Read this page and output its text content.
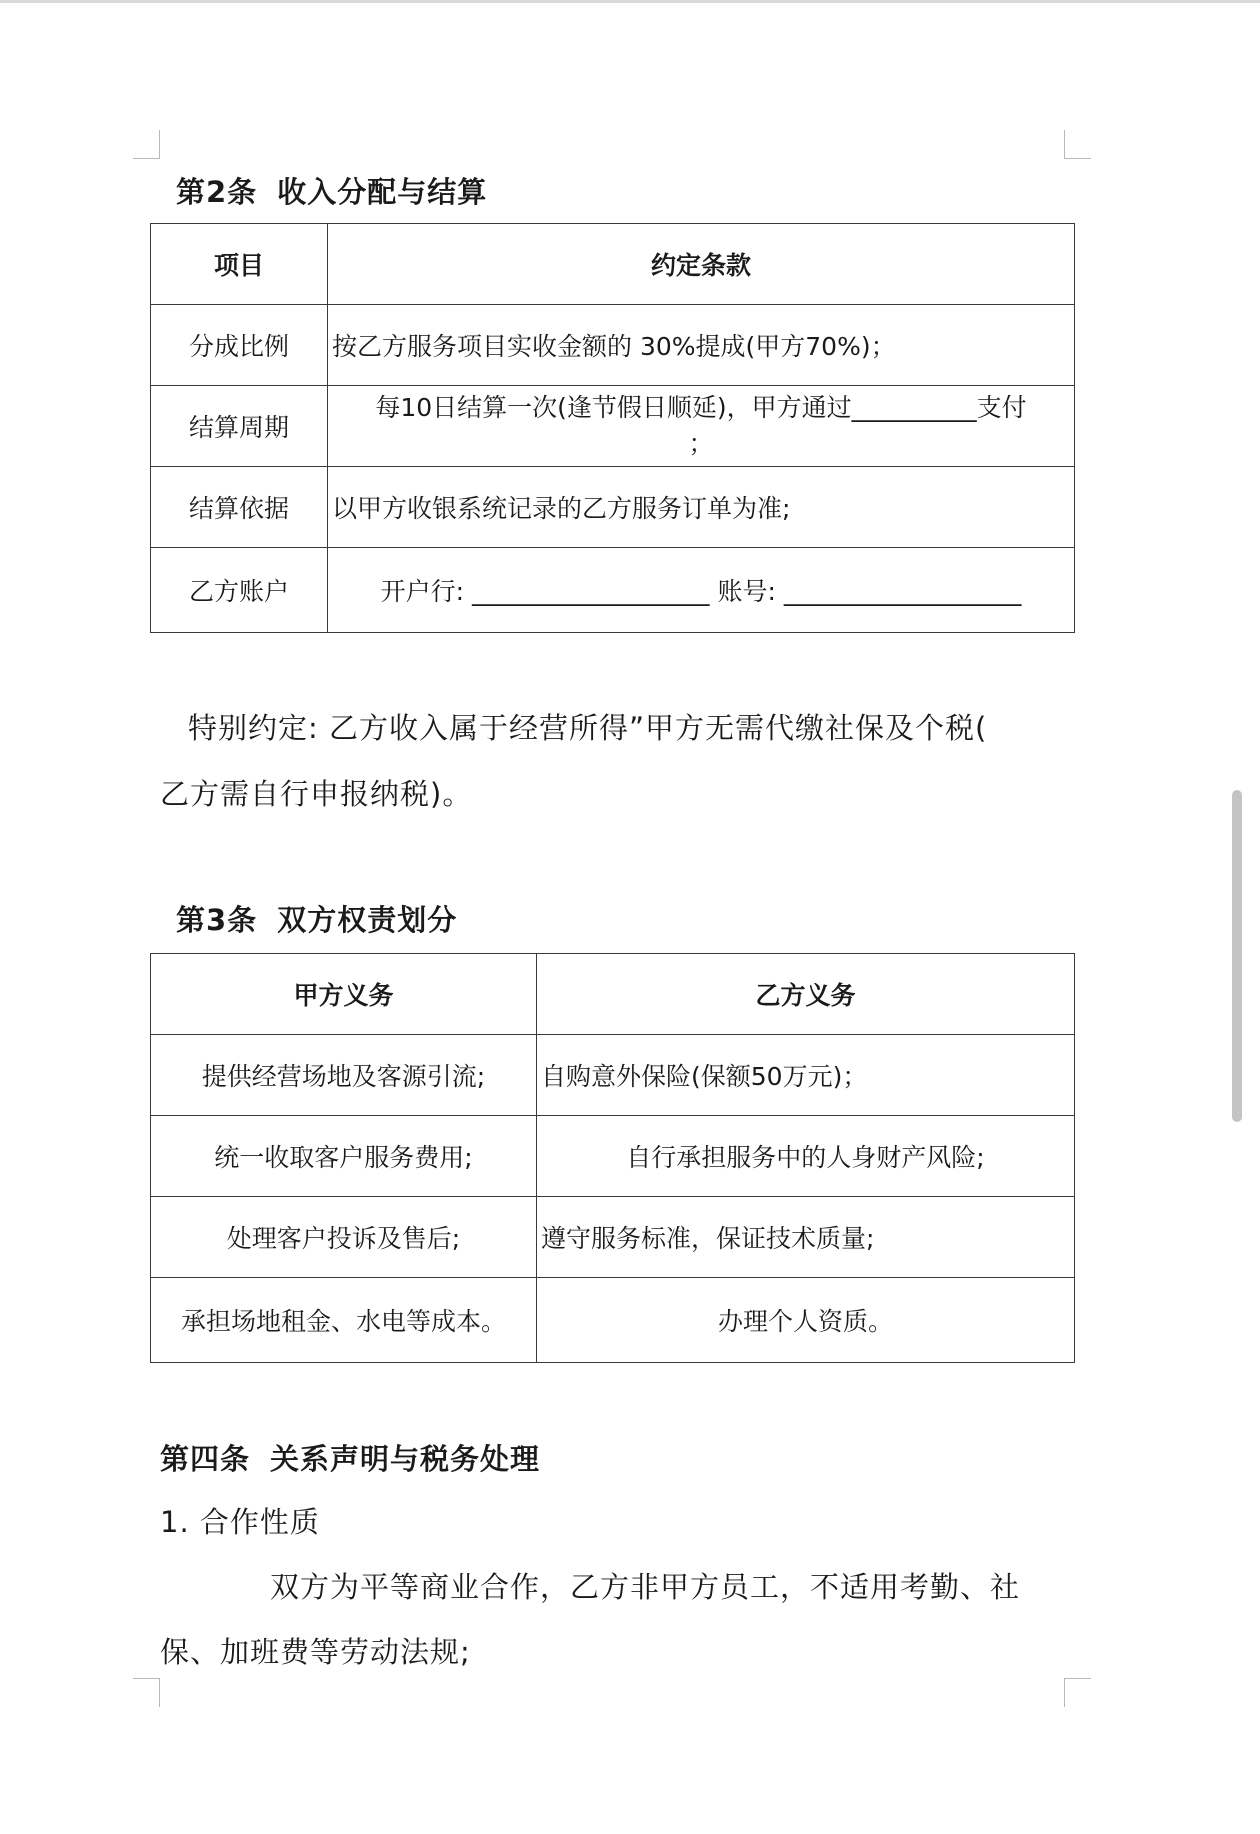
第2条 收入分配与结算
项目	约定条款
分成比例	按乙方服务项目实收金额的 30%提成(甲方70%)；
结算周期	每10日结算一次(逢节假日顺延)，甲方通过__________支付
；

结算依据	以甲方收银系统记录的乙方服务订单为准;
乙方账户	开户行: ___________________ 账号: ___________________
特别约定: 乙方收入属于经营所得”甲方无需代缴社保及个税(
乙方需自行申报纳税)。
第3条 双方权责划分
甲方义务	乙方义务
提供经营场地及客源引流;	自购意外保险(保额50万元)；
统一收取客户服务费用;	自行承担服务中的人身财产风险;
处理客户投诉及售后;	遵守服务标准，保证技术质量;
承担场地租金、水电等成本。	办理个人资质。
第四条 关系声明与税务处理
1. 合作性质
双方为平等商业合作，乙方非甲方员工，不适用考勤、社
保、加班费等劳动法规;
